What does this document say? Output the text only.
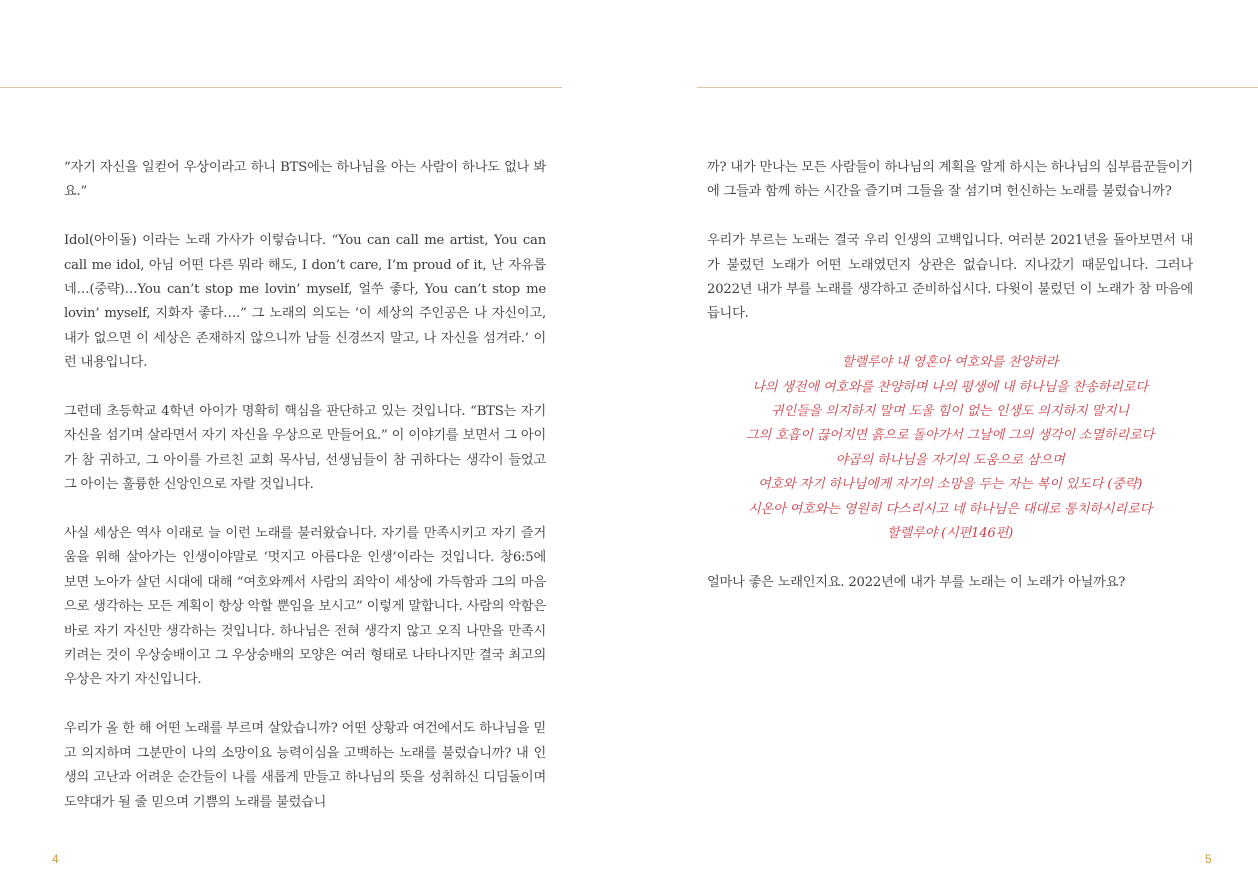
“자기 자신을 일컫어 우상이라고 하니 BTS에는 하나님을 아는 사람이 하나도 없나 봐요.”

Idol(아이돌) 이라는 노래 가사가 이렇습니다. “You can call me artist, You can call me idol, 아님 어떤 다른 뭐라 해도, I don’t care, I’m proud of it, 난 자유롭네…(중략)…You can’t stop me lovin’ myself, 얼쑤 좋다, You can’t stop me lovin’ myself, 지화자 좋다….” 그 노래의 의도는 ‘이 세상의 주인공은 나 자신이고, 내가 없으면 이 세상은 존재하지 않으니까 남들 신경쓰지 말고, 나 자신을 섬겨라.’ 이런 내용입니다.

그런데 초등학교 4학년 아이가 명확히 핵심을 판단하고 있는 것입니다. “BTS는 자기 자신을 섬기며 살라면서 자기 자신을 우상으로 만들어요.” 이 이야기를 보면서 그 아이가 참 귀하고, 그 아이를 가르친 교회 목사님, 선생님들이 참 귀하다는 생각이 들었고 그 아이는 훌륭한 신앙인으로 자랄 것입니다.

사실 세상은 역사 이래로 늘 이런 노래를 불러왔습니다. 자기를 만족시키고 자기 즐거움을 위해 살아가는 인생이야말로 ‘멋지고 아름다운 인생’이라는 것입니다. 창6:5에 보면 노아가 살던 시대에 대해 “여호와께서 사람의 죄악이 세상에 가득함과 그의 마음으로 생각하는 모든 계획이 항상 악할 뿐임을 보시고” 이렇게 말합니다. 사람의 악함은 바로 자기 자신만 생각하는 것입니다. 하나님은 전혀 생각지 않고 오직 나만을 만족시키려는 것이 우상숭배이고 그 우상숭배의 모양은 여러 형태로 나타나지만 결국 최고의 우상은 자기 자신입니다.

우리가 올 한 해 어떤 노래를 부르며 살았습니까? 어떤 상황과 여건에서도 하나님을 믿고 의지하며 그분만이 나의 소망이요 능력이심을 고백하는 노래를 불렀습니까? 내 인생의 고난과 어려운 순간들이 나를 새롭게 만들고 하나님의 뜻을 성취하신 디딤돌이며 도약대가 될 줄 믿으며 기쁨의 노래를 불렀습니

4

까? 내가 만나는 모든 사람들이 하나님의 계획을 알게 하시는 하나님의 심부름꾼들이기에 그들과 함께 하는 시간을 즐기며 그들을 잘 섬기며 헌신하는 노래를 불렀습니까?

우리가 부르는 노래는 결국 우리 인생의 고백입니다. 여러분 2021년을 돌아보면서 내가 불렀던 노래가 어떤 노래였던지 상관은 없습니다. 지나갔기 때문입니다. 그러나 2022년 내가 부를 노래를 생각하고 준비하십시다. 다윗이 불렀던 이 노래가 참 마음에 듭니다.

할렐루야 내 영혼아 여호와를 찬양하라
나의 생전에 여호와를 찬양하며 나의 평생에 내 하나님을 찬송하리로다
귀인들을 의지하지 말며 도울 힘이 없는 인생도 의지하지 말지니
그의 호흡이 끊어지면 흙으로 돌아가서 그날에 그의 생각이 소멸하리로다
야곱의 하나님을 자기의 도움으로 삼으며
여호와 자기 하나님에게 자기의 소망을 두는 자는 복이 있도다 (중략)
시온아 여호와는 영원히 다스리시고 네 하나님은 대대로 통치하시리로다
할렐루야 (시편146편)

얼마나 좋은 노래인지요. 2022년에 내가 부를 노래는 이 노래가 아닐까요?

5
